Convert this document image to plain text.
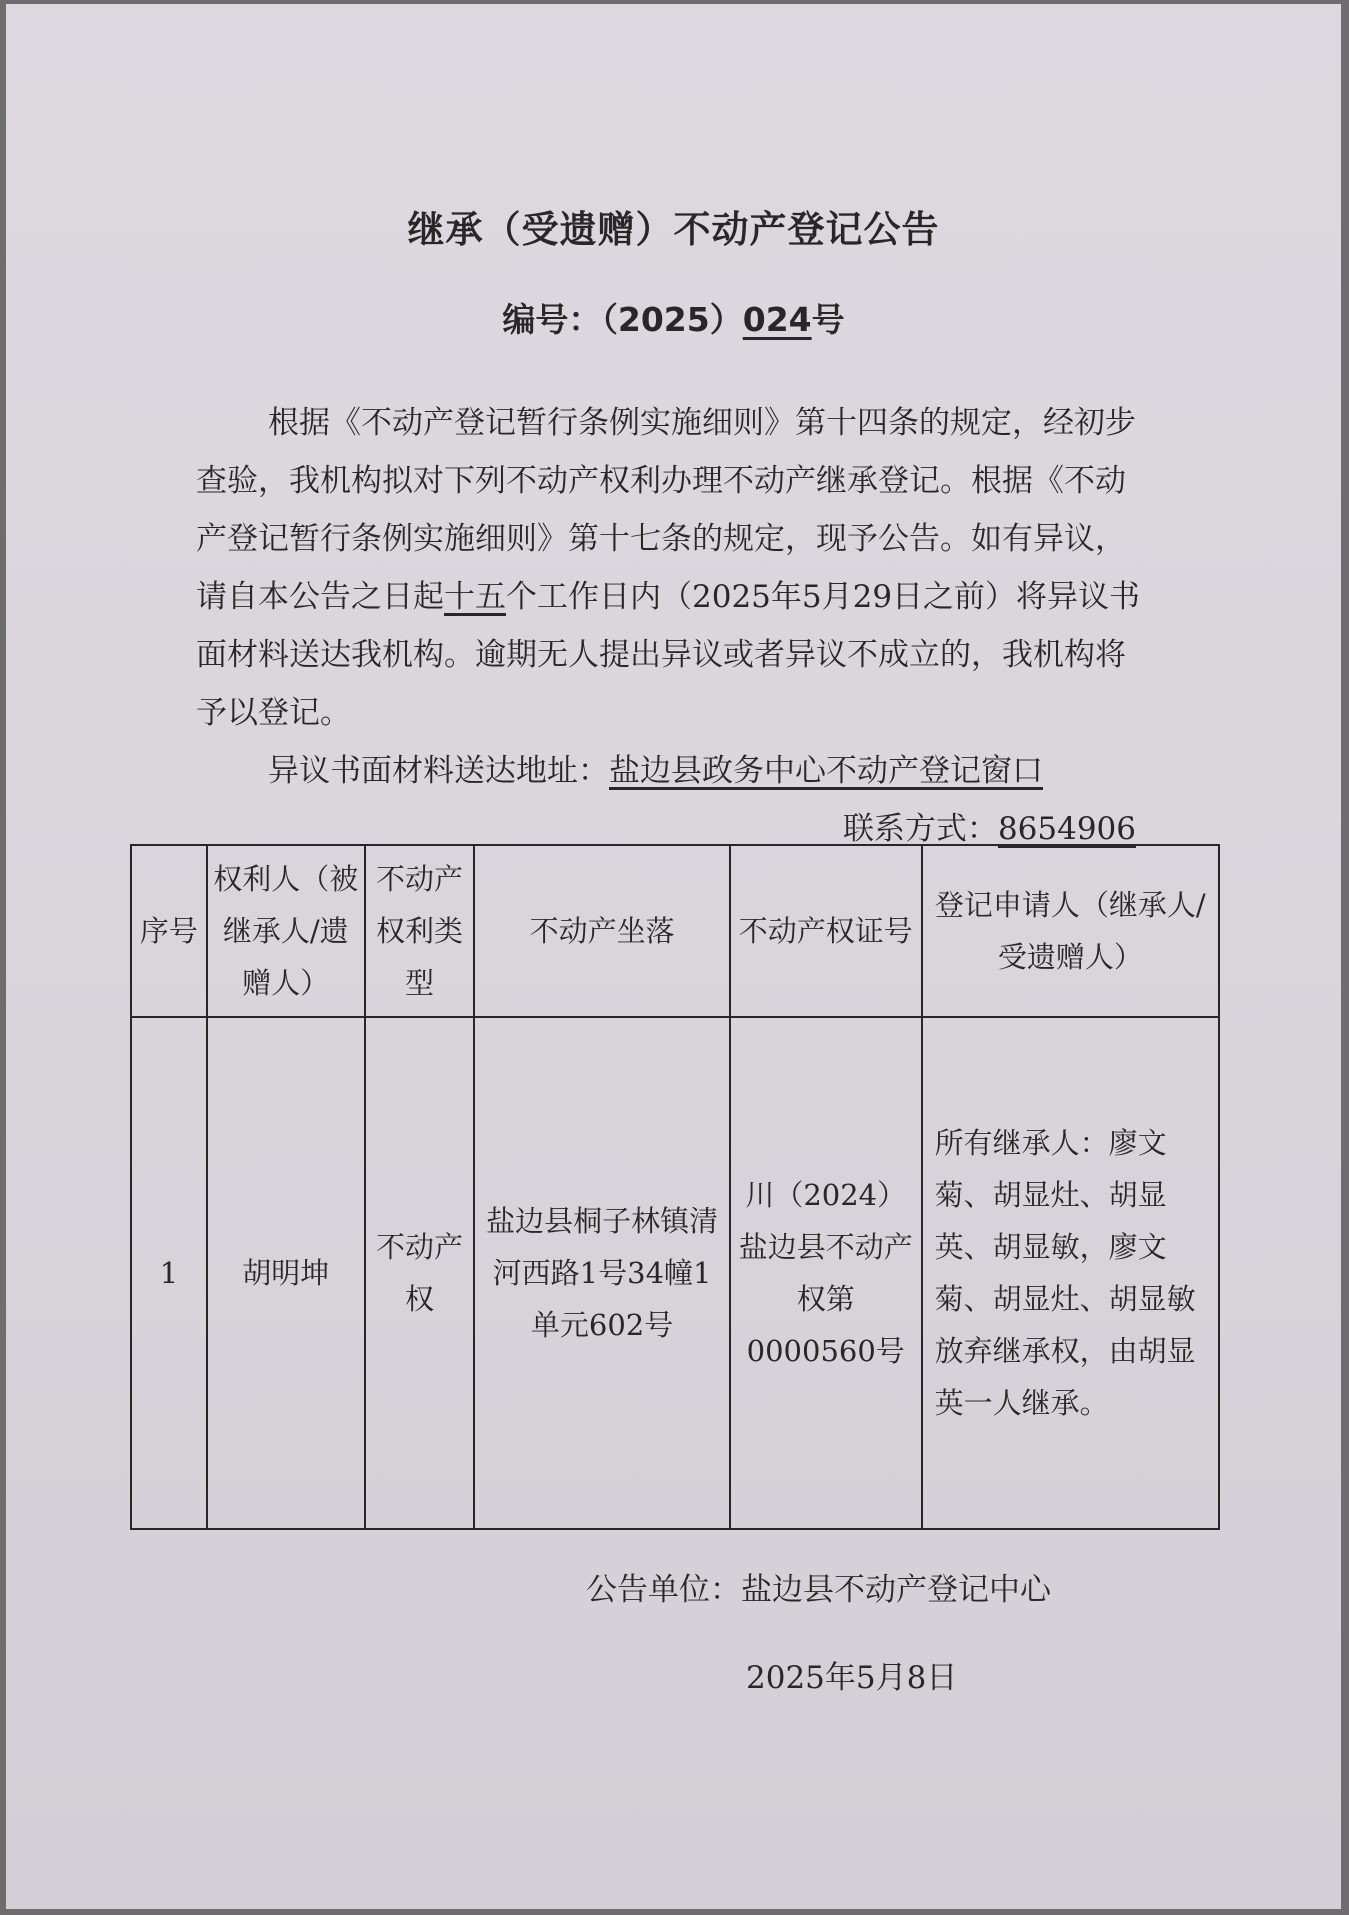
继承（受遗赠）不动产登记公告
编号：（2025）024号

根据《不动产登记暂行条例实施细则》第十四条的规定，经初步查验，我机构拟对下列不动产权利办理不动产继承登记。根据《不动产登记暂行条例实施细则》第十七条的规定，现予公告。如有异议，请自本公告之日起十五个工作日内（2025年5月29日之前）将异议书面材料送达我机构。逾期无人提出异议或者异议不成立的，我机构将予以登记。

异议书面材料送达地址：盐边县政务中心不动产登记窗口

联系方式：8654906

序号	权利人（被继承人/遗赠人）	不动产权利类型	不动产坐落	不动产权证号	登记申请人（继承人/受遗赠人）
1	胡明坤	不动产权	盐边县桐子林镇清河西路1号34幢1单元602号	川（2024）盐边县不动产权第0000560号	所有继承人：廖文菊、胡显灶、胡显英、胡显敏，廖文菊、胡显灶、胡显敏放弃继承权，由胡显英一人继承。
公告单位：盐边县不动产登记中心
2025年5月8日
